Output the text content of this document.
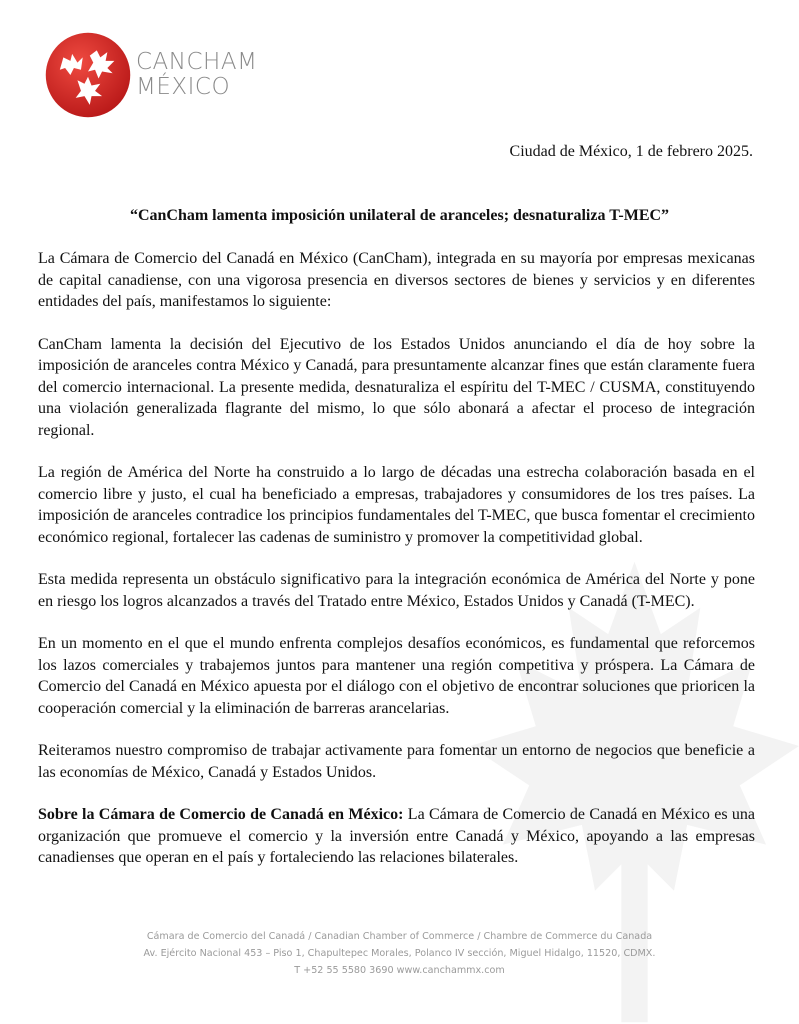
CANCHAM
MÉXICO
Ciudad de México, 1 de febrero 2025.
“CanCham lamenta imposición unilateral de aranceles; desnaturaliza T-MEC”

La Cámara de Comercio del Canadá en México (CanCham), integrada en su mayoría por empresas mexicanas de capital canadiense, con una vigorosa presencia en diversos sectores de bienes y servicios y en diferentes entidades del país, manifestamos lo siguiente:

CanCham lamenta la decisión del Ejecutivo de los Estados Unidos anunciando el día de hoy sobre la imposición de aranceles contra México y Canadá, para presuntamente alcanzar fines que están claramente fuera del comercio internacional. La presente medida, desnaturaliza el espíritu del T-MEC / CUSMA, constituyendo una violación generalizada flagrante del mismo, lo que sólo abonará a afectar el proceso de integración regional.

La región de América del Norte ha construido a lo largo de décadas una estrecha colaboración basada en el comercio libre y justo, el cual ha beneficiado a empresas, trabajadores y consumidores de los tres países. La imposición de aranceles contradice los principios fundamentales del T-MEC, que busca fomentar el crecimiento económico regional, fortalecer las cadenas de suministro y promover la competitividad global.

Esta medida representa un obstáculo significativo para la integración económica de América del Norte y pone en riesgo los logros alcanzados a través del Tratado entre México, Estados Unidos y Canadá (T-MEC).

En un momento en el que el mundo enfrenta complejos desafíos económicos, es fundamental que reforcemos los lazos comerciales y trabajemos juntos para mantener una región competitiva y próspera. La Cámara de Comercio del Canadá en México apuesta por el diálogo con el objetivo de encontrar soluciones que prioricen la cooperación comercial y la eliminación de barreras arancelarias.

Reiteramos nuestro compromiso de trabajar activamente para fomentar un entorno de negocios que beneficie a las economías de México, Canadá y Estados Unidos.

Sobre la Cámara de Comercio de Canadá en México: La Cámara de Comercio de Canadá en México es una organización que promueve el comercio y la inversión entre Canadá y México, apoyando a las empresas canadienses que operan en el país y fortaleciendo las relaciones bilaterales.

Cámara de Comercio del Canadá / Canadian Chamber of Commerce / Chambre de Commerce du Canada
Av. Ejército Nacional 453 – Piso 1, Chapultepec Morales, Polanco IV sección, Miguel Hidalgo, 11520, CDMX.
T +52 55 5580 3690 www.canchammx.com
